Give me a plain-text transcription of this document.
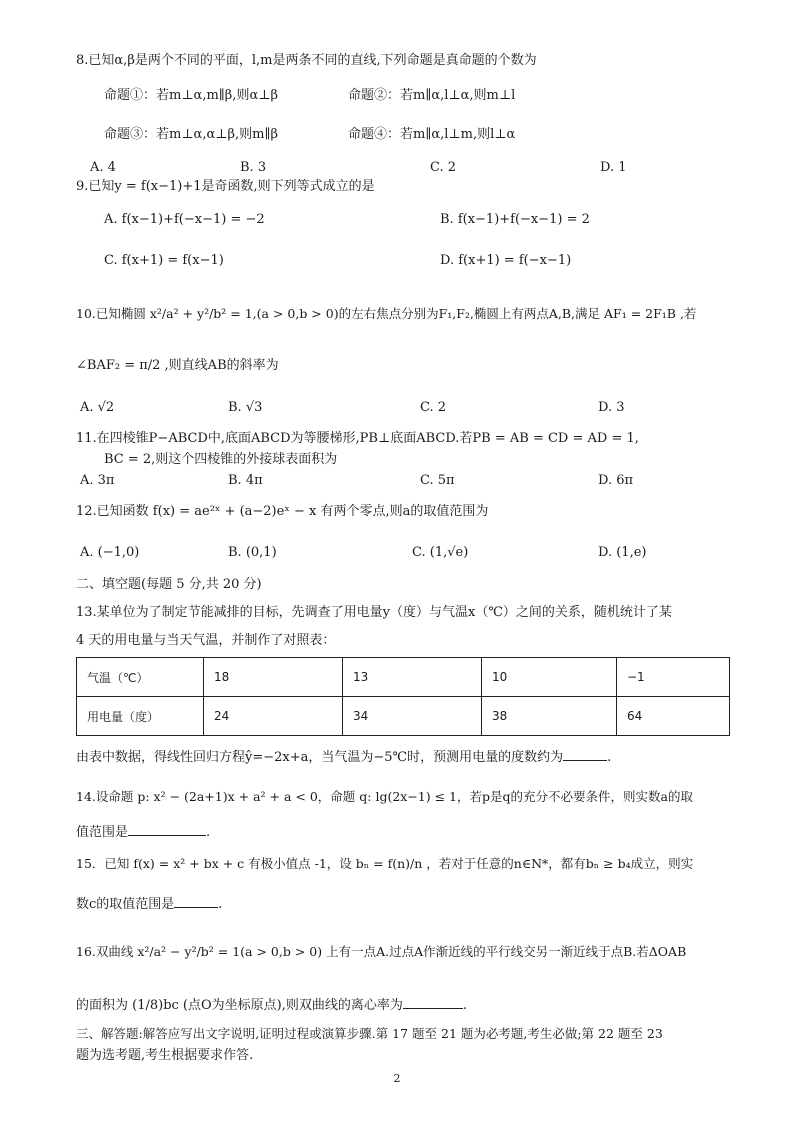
8.已知α,β是两个不同的平面，l,m是两条不同的直线,下列命题是真命题的个数为
命题①：若m⊥α,m∥β,则α⊥β	命题②：若m∥α,l⊥α,则m⊥l
命题③：若m⊥α,α⊥β,则m∥β	命题④：若m∥α,l⊥m,则l⊥α
A. 4	B. 3	C. 2	D. 1
9.已知y = f(x−1)+1是奇函数,则下列等式成立的是
A. f(x−1)+f(−x−1) = −2	B. f(x−1)+f(−x−1) = 2
C. f(x+1) = f(x−1)	D. f(x+1) = f(−x−1)
10.已知椭圆 x²/a² + y²/b² = 1,(a > 0,b > 0)的左右焦点分别为F₁,F₂,椭圆上有两点A,B,满足 AF₁ = 2F₁B ,若
∠BAF₂ = π/2 ,则直线AB的斜率为
A. √2	B. √3	C. 2	D. 3
11.在四棱锥P−ABCD中,底面ABCD为等腰梯形,PB⊥底面ABCD.若PB = AB = CD = AD = 1,
BC = 2,则这个四棱锥的外接球表面积为
A. 3π	B. 4π	C. 5π	D. 6π
12.已知函数 f(x) = ae²ˣ + (a−2)eˣ − x 有两个零点,则a的取值范围为
A. (−1,0)	B. (0,1)	C. (1,√e)	D. (1,e)
二、填空题(每题 5 分,共 20 分)
13.某单位为了制定节能减排的目标，先调查了用电量y（度）与气温x（℃）之间的关系，随机统计了某
4 天的用电量与当天气温，并制作了对照表：
气温（℃）	18	13	10	−1
用电量（度）	24	34	38	64
由表中数据，得线性回归方程ŷ=−2x+a，当气温为−5℃时，预测用电量的度数约为	.
14.设命题 p: x² − (2a+1)x + a² + a < 0，命题 q: lg(2x−1) ≤ 1，若p是q的充分不必要条件，则实数a的取
值范围是	.
15．已知 f(x) = x² + bx + c 有极小值点 -1，设 bₙ = f(n)/n ，若对于任意的n∈N*，都有bₙ ≥ b₄成立，则实
数c的取值范围是	.
16.双曲线 x²/a² − y²/b² = 1(a > 0,b > 0) 上有一点A.过点A作渐近线的平行线交另一渐近线于点B.若ΔOAB
的面积为 (1/8)bc (点O为坐标原点),则双曲线的离心率为	.
三、解答题:解答应写出文字说明,证明过程或演算步骤.第 17 题至 21 题为必考题,考生必做;第 22 题至 23
题为选考题,考生根据要求作答.
2
